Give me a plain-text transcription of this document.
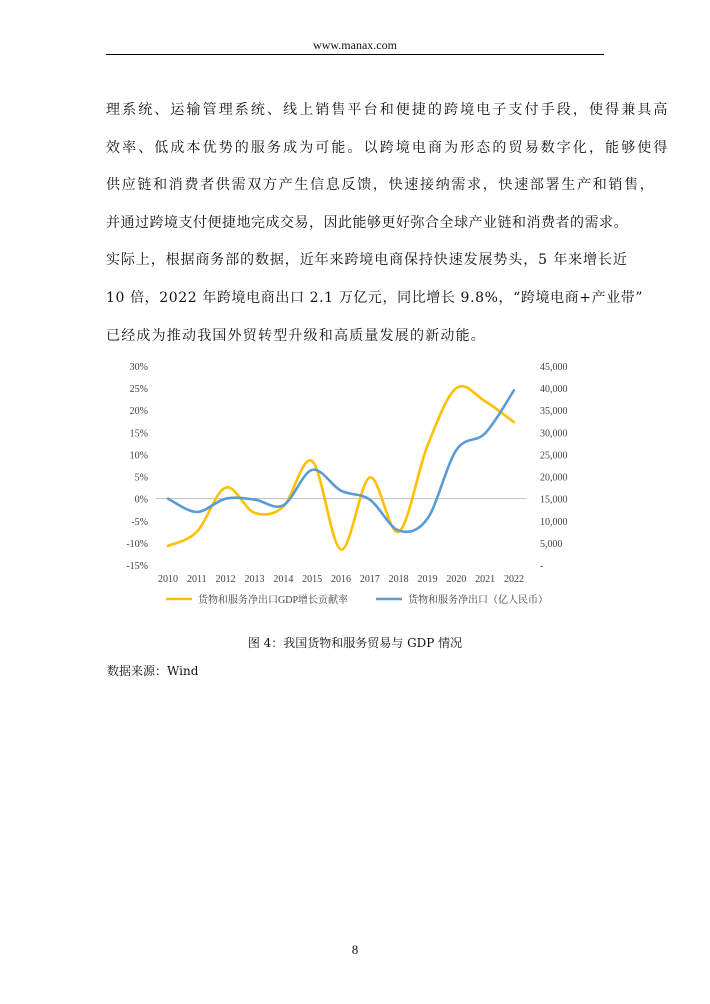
www.manax.com
理系统、运输管理系统、线上销售平台和便捷的跨境电子支付手段，使得兼具高
效率、低成本优势的服务成为可能。以跨境电商为形态的贸易数字化，能够使得
供应链和消费者供需双方产生信息反馈，快速接纳需求，快速部署生产和销售，
并通过跨境支付便捷地完成交易，因此能够更好弥合全球产业链和消费者的需求。
实际上，根据商务部的数据，近年来跨境电商保持快速发展势头，5 年来增长近
10 倍，2022 年跨境电商出口 2.1 万亿元，同比增长 9.8%，“跨境电商+产业带”
已经成为推动我国外贸转型升级和高质量发展的新动能。
30%
25%
20%
15%
10%
5%
0%
-5%
-10%
-15%
45,000
40,000
35,000
30,000
25,000
20,000
15,000
10,000
5,000
-
2010 2011 2012 2013 2014 2015 2016 2017 2018 2019 2020 2021 2022
货物和服务净出口GDP增长贡献率	货物和服务净出口（亿人民币）
图 4：我国货物和服务贸易与 GDP 情况
数据来源：Wind
8
